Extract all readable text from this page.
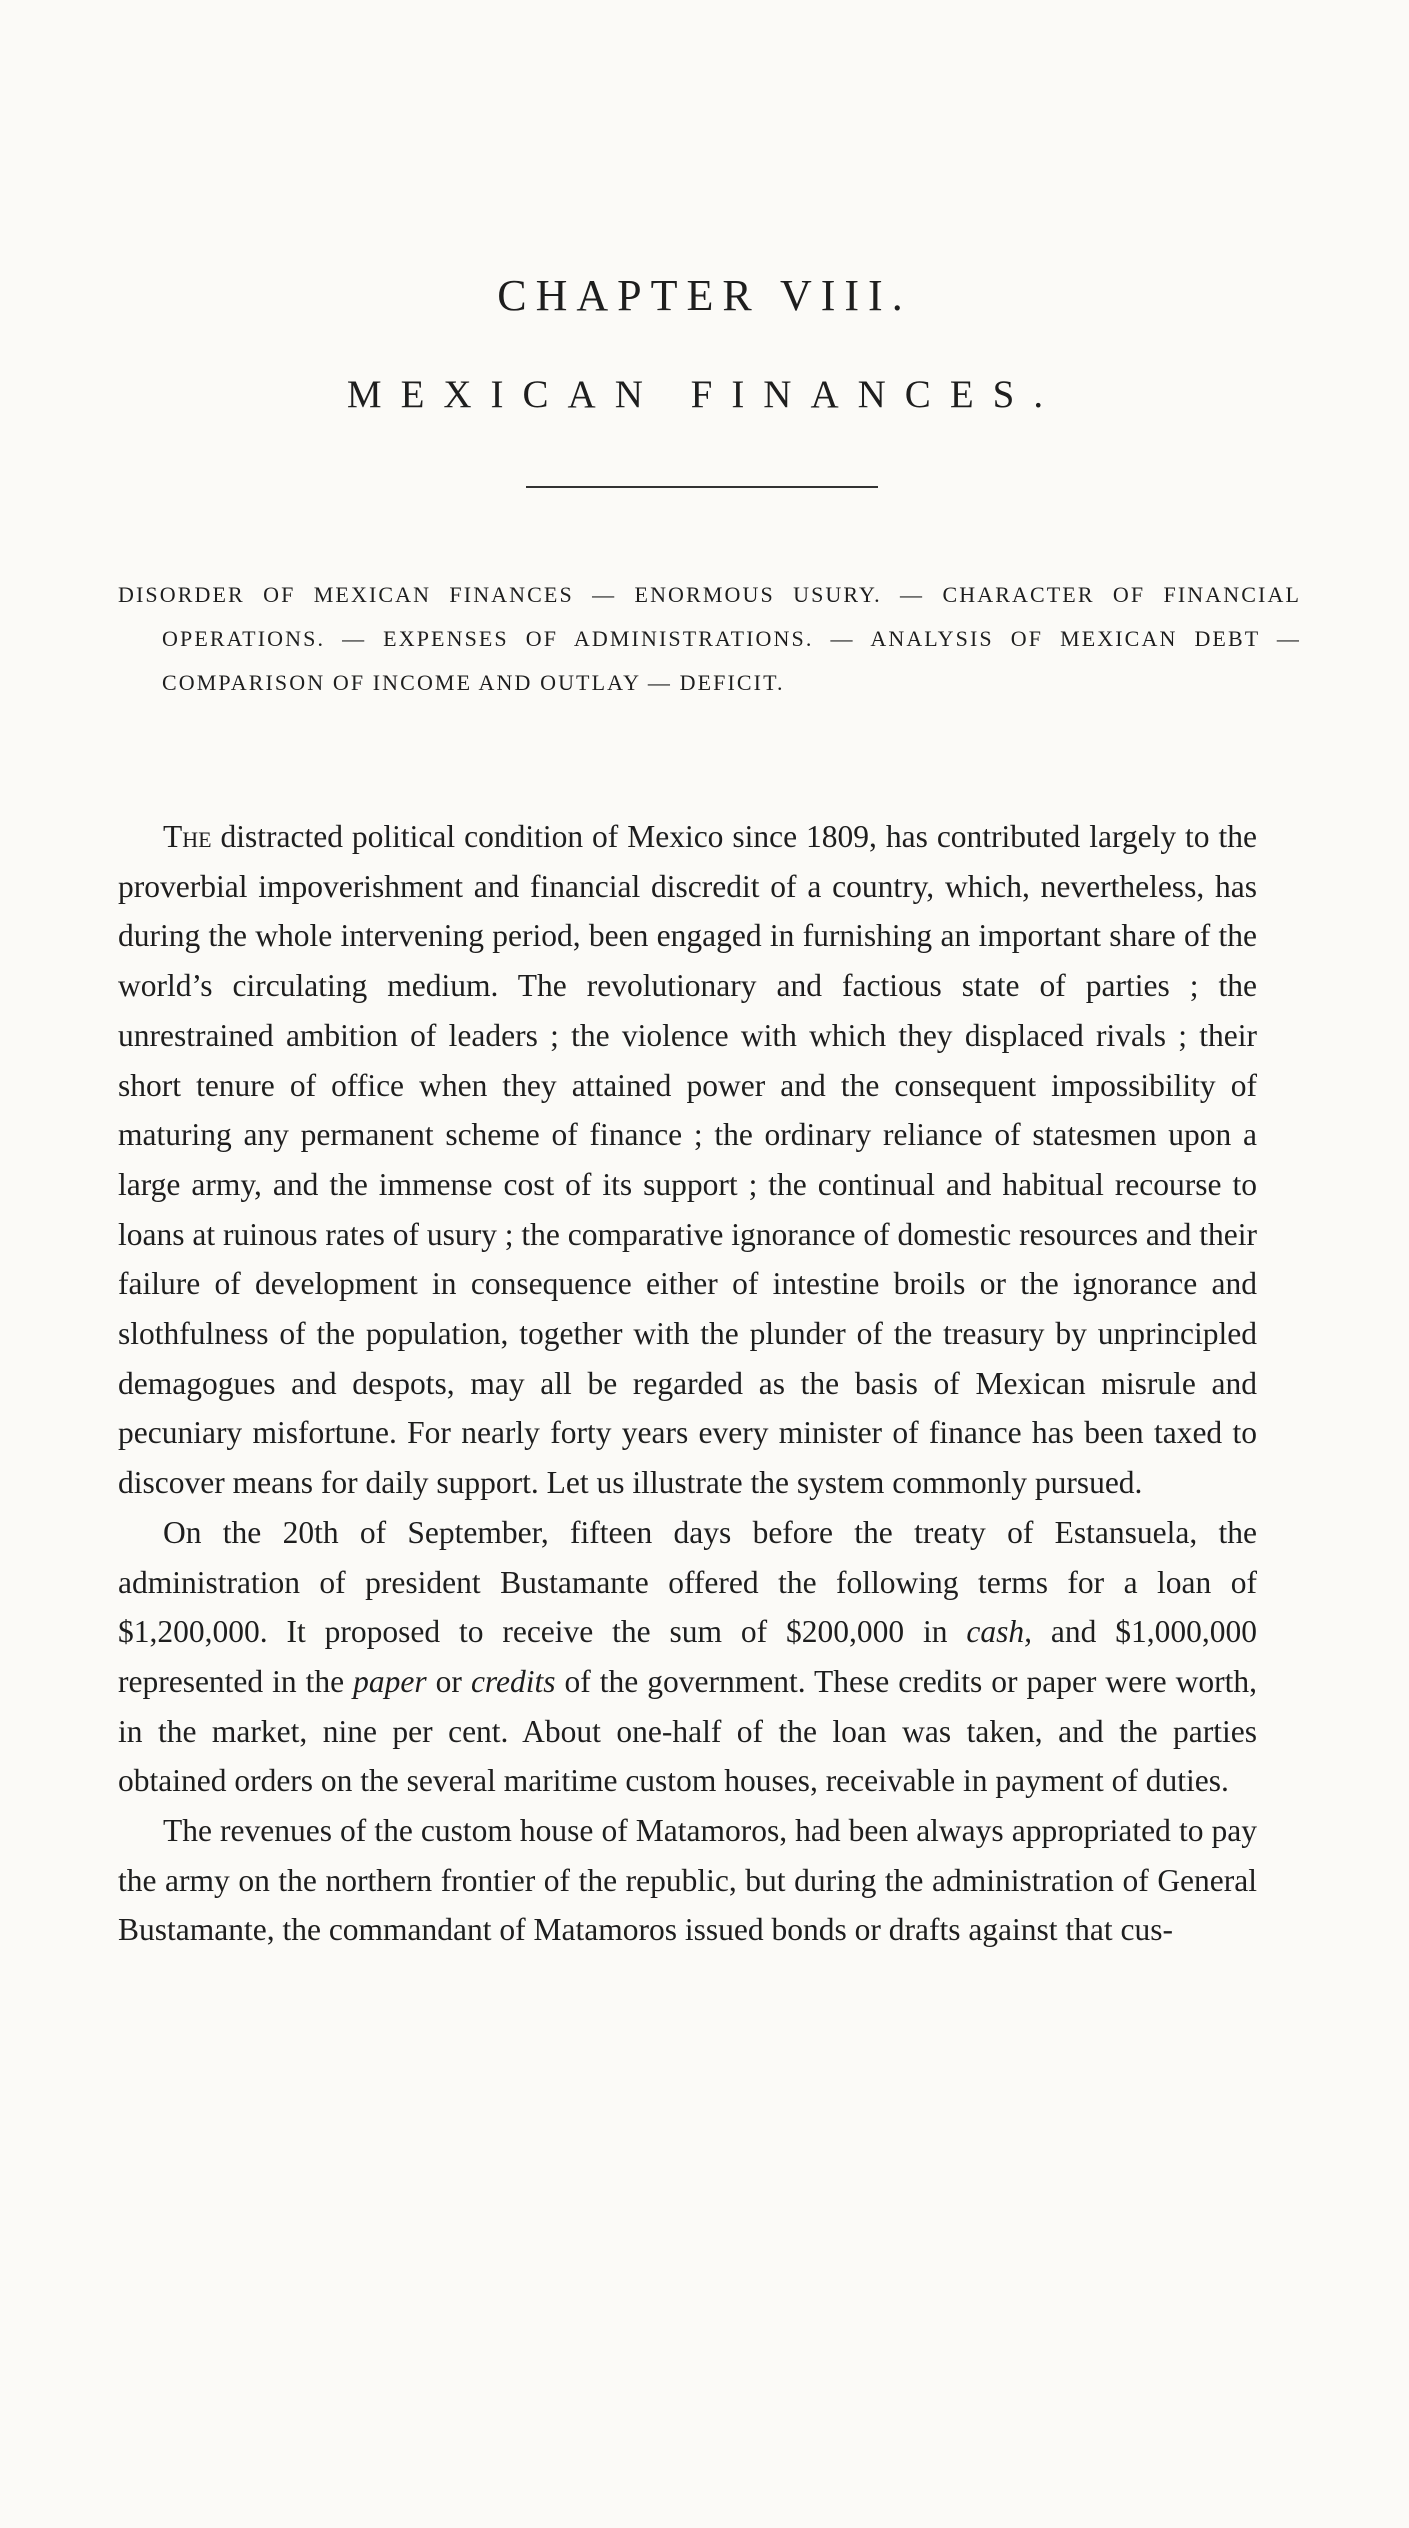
CHAPTER VIII.
MEXICAN FINANCES.
DISORDER OF MEXICAN FINANCES — ENORMOUS USURY. — CHARACTER OF FINANCIAL OPERATIONS. — EXPENSES OF ADMINISTRATIONS. — ANALYSIS OF MEXICAN DEBT — COMPARISON OF INCOME AND OUTLAY — DEFICIT.

The distracted political condition of Mexico since 1809, has contributed largely to the proverbial impoverishment and financial discredit of a country, which, nevertheless, has during the whole intervening period, been engaged in furnishing an important share of the world’s circulating medium. The revolutionary and factious state of parties ; the unrestrained ambition of leaders ; the violence with which they displaced rivals ; their short tenure of office when they attained power and the consequent impossibility of maturing any permanent scheme of finance ; the ordinary reliance of statesmen upon a large army, and the immense cost of its support ; the continual and habitual recourse to loans at ruinous rates of usury ; the comparative ignorance of domestic resources and their failure of development in consequence either of intestine broils or the ignorance and slothfulness of the population, together with the plunder of the treasury by unprincipled demagogues and despots, may all be regarded as the basis of Mexican misrule and pecuniary misfortune. For nearly forty years every minister of finance has been taxed to discover means for daily support. Let us illustrate the system commonly pursued.

On the 20th of September, fifteen days before the treaty of Estansuela, the administration of president Bustamante offered the following terms for a loan of $1,200,000. It proposed to receive the sum of $200,000 in cash, and $1,000,000 represented in the paper or credits of the government. These credits or paper were worth, in the market, nine per cent. About one-half of the loan was taken, and the parties obtained orders on the several maritime custom houses, receivable in payment of duties.

The revenues of the custom house of Matamoros, had been always appropriated to pay the army on the northern frontier of the republic, but during the administration of General Bustamante, the commandant of Matamoros issued bonds or drafts against that cus-
